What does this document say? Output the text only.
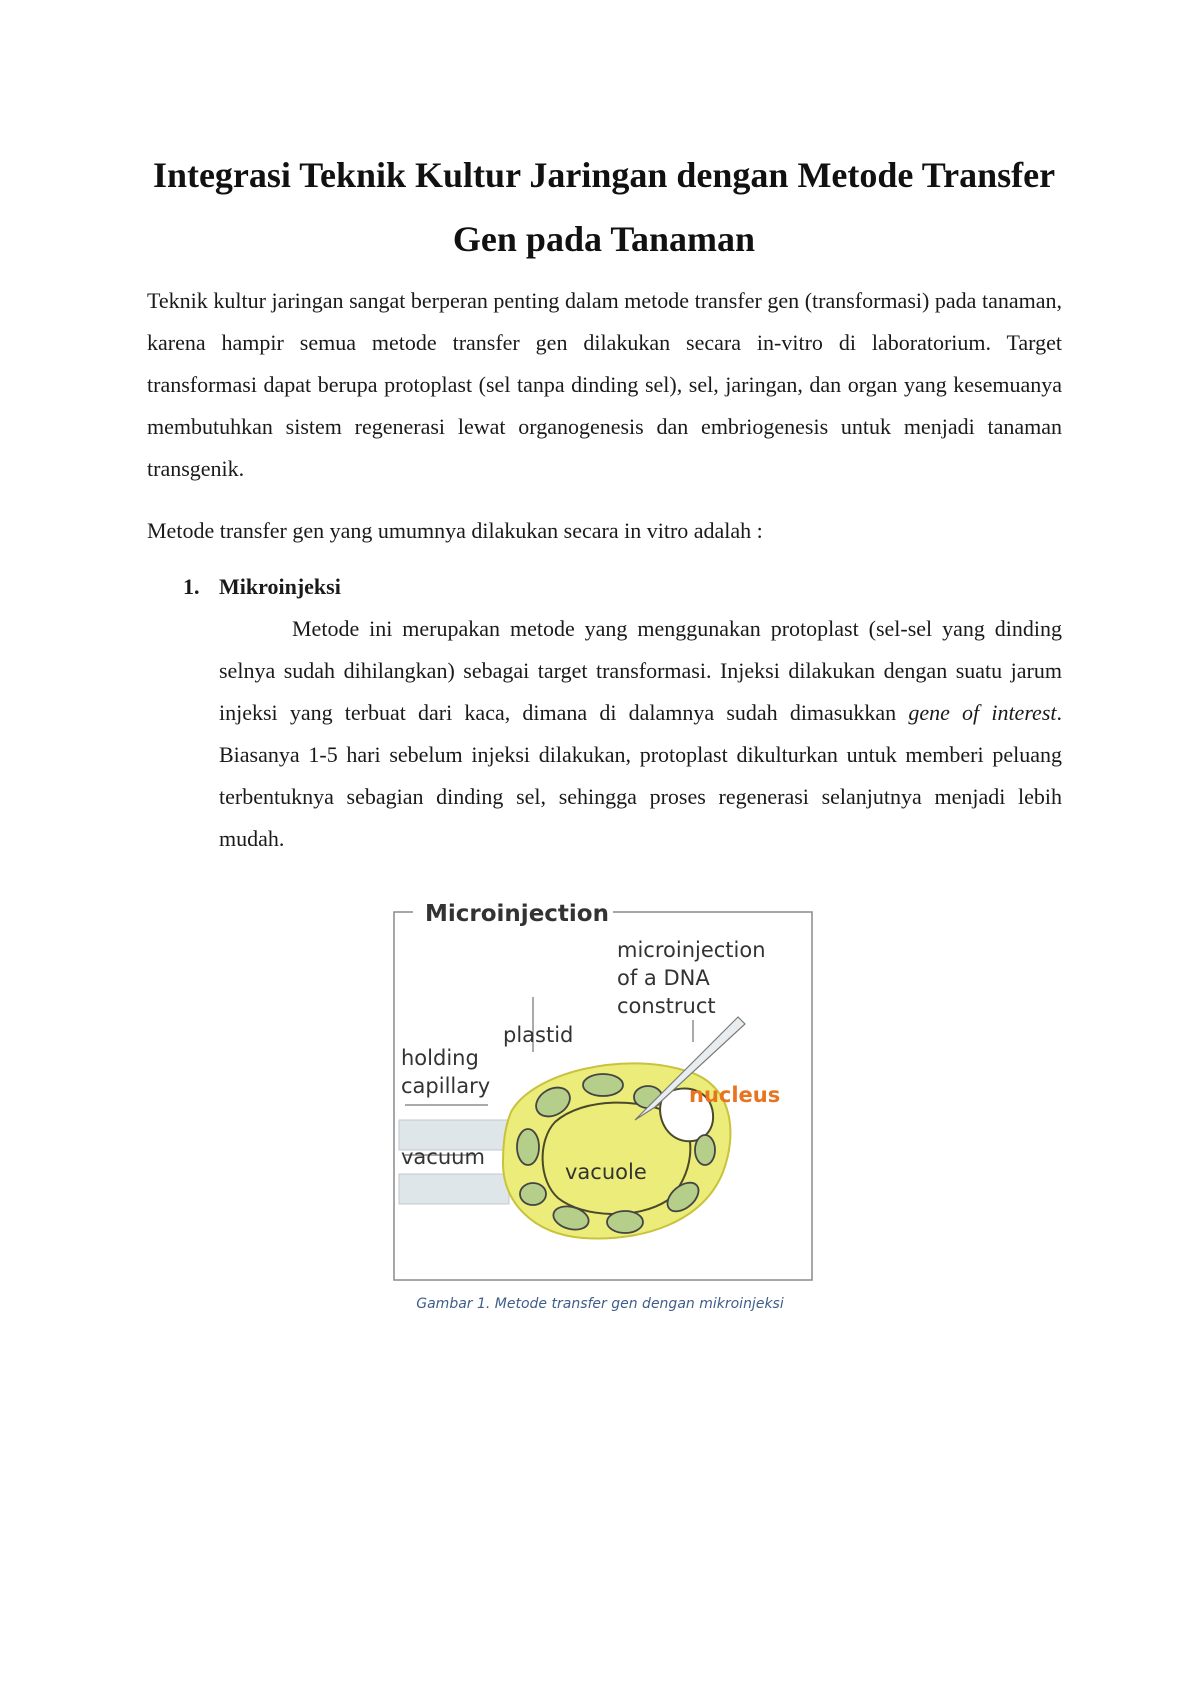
Integrasi Teknik Kultur Jaringan dengan Metode Transfer Gen pada Tanaman

Teknik kultur jaringan sangat berperan penting dalam metode transfer gen (transformasi) pada tanaman, karena hampir semua metode transfer gen dilakukan secara in-vitro di laboratorium. Target transformasi dapat berupa protoplast (sel tanpa dinding sel), sel, jaringan, dan organ yang kesemuanya membutuhkan sistem regenerasi lewat organogenesis dan embriogenesis untuk menjadi tanaman transgenik.

Metode transfer gen yang umumnya dilakukan secara in vitro adalah :

1. Mikroinjeksi

Metode ini merupakan metode yang menggunakan protoplast (sel-sel yang dinding selnya sudah dihilangkan) sebagai target transformasi. Injeksi dilakukan dengan suatu jarum injeksi yang terbuat dari kaca, dimana di dalamnya sudah dimasukkan gene of interest. Biasanya 1-5 hari sebelum injeksi dilakukan, protoplast dikulturkan untuk memberi peluang terbentuknya sebagian dinding sel, sehingga proses regenerasi selanjutnya menjadi lebih mudah.

Microinjection
microinjection
of a DNA
construct
plastid
holding
capillary	nucleus
vacuum
vacuole
Gambar 1. Metode transfer gen dengan mikroinjeksi
